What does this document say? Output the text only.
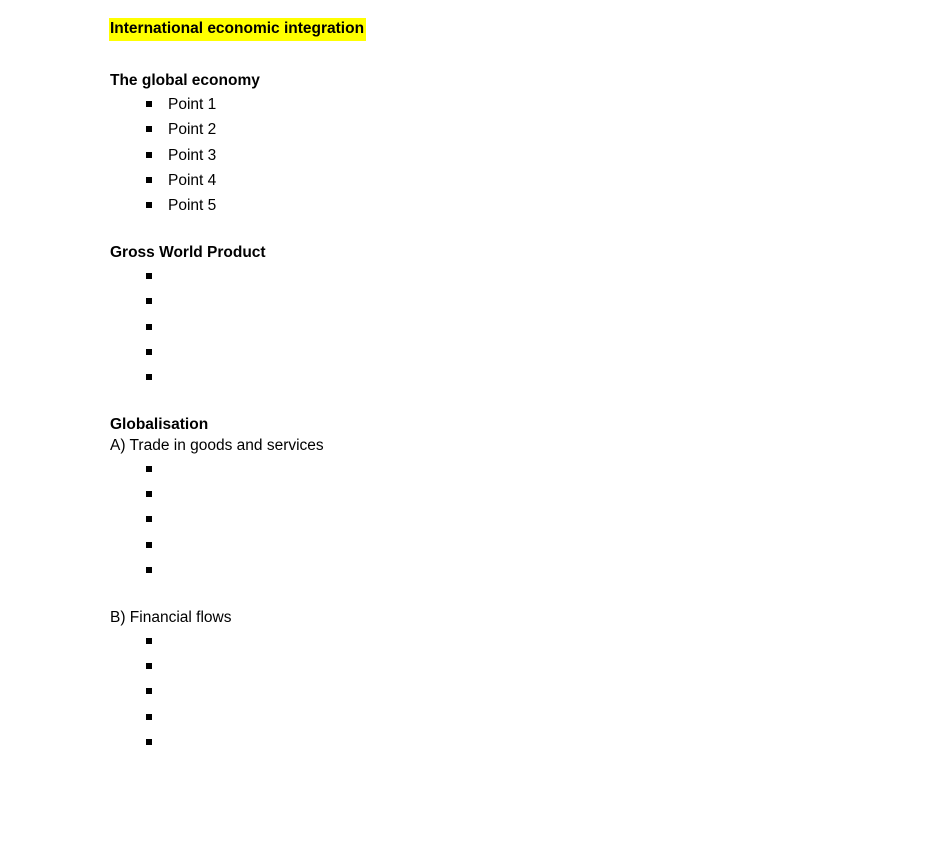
International economic integration
The global economy
Point 1
Point 2
Point 3
Point 4
Point 5
Gross World Product
Globalisation
A) Trade in goods and services
B) Financial flows
